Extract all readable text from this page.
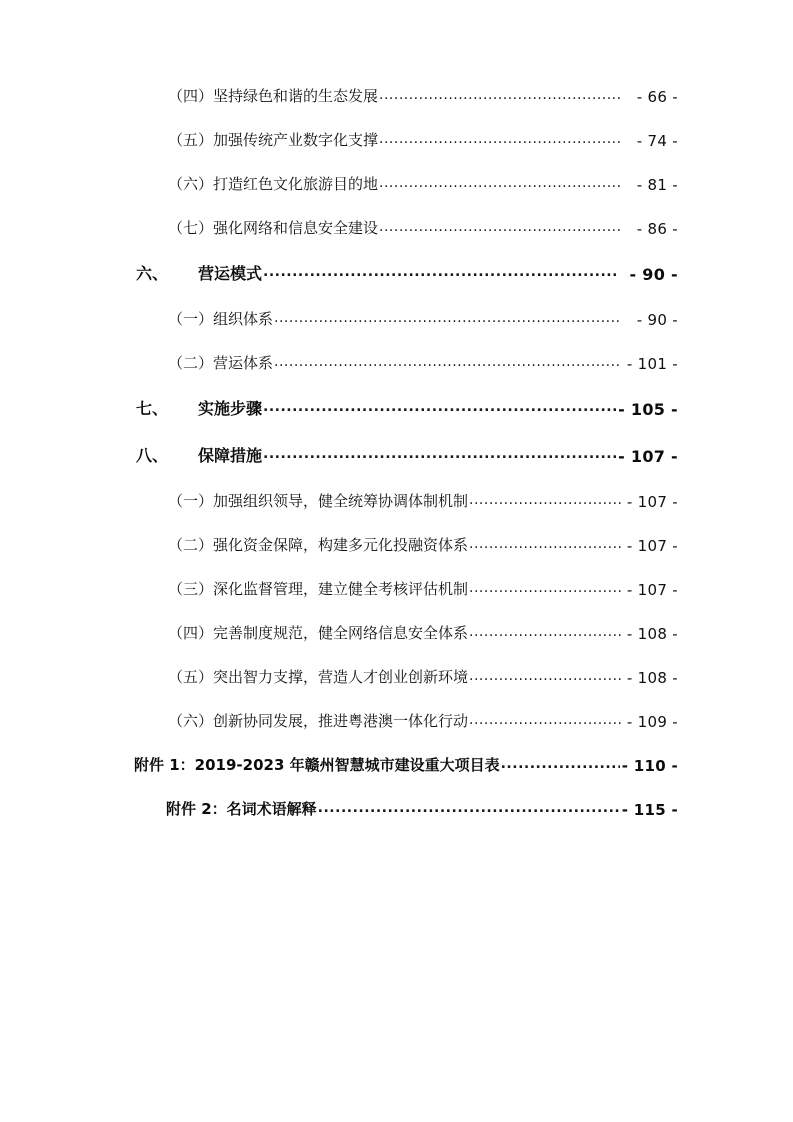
（四）坚持绿色和谐的生态发展 .....	- 66 -
（五）加强传统产业数字化支撑 .....	- 74 -
（六）打造红色文化旅游目的地 .....	- 81 -
（七）强化网络和信息安全建设 .....	- 86 -
六、 营运模式 .....	- 90 -
（一）组织体系 .....	- 90 -
（二）营运体系 .....	- 101 -
七、 实施步骤 .....	- 105 -
八、 保障措施 .....	- 107 -
（一）加强组织领导，健全统筹协调体制机制 .....	- 107 -
（二）强化资金保障，构建多元化投融资体系 .....	- 107 -
（三）深化监督管理，建立健全考核评估机制 .....	- 107 -
（四）完善制度规范，健全网络信息安全体系 .....	- 108 -
（五）突出智力支撑，营造人才创业创新环境 .....	- 108 -
（六）创新协同发展，推进粤港澳一体化行动 .....	- 109 -
附件 1：2019-2023 年赣州智慧城市建设重大项目表 .....	- 110 -
附件 2：名词术语解释 .....	- 115 -
